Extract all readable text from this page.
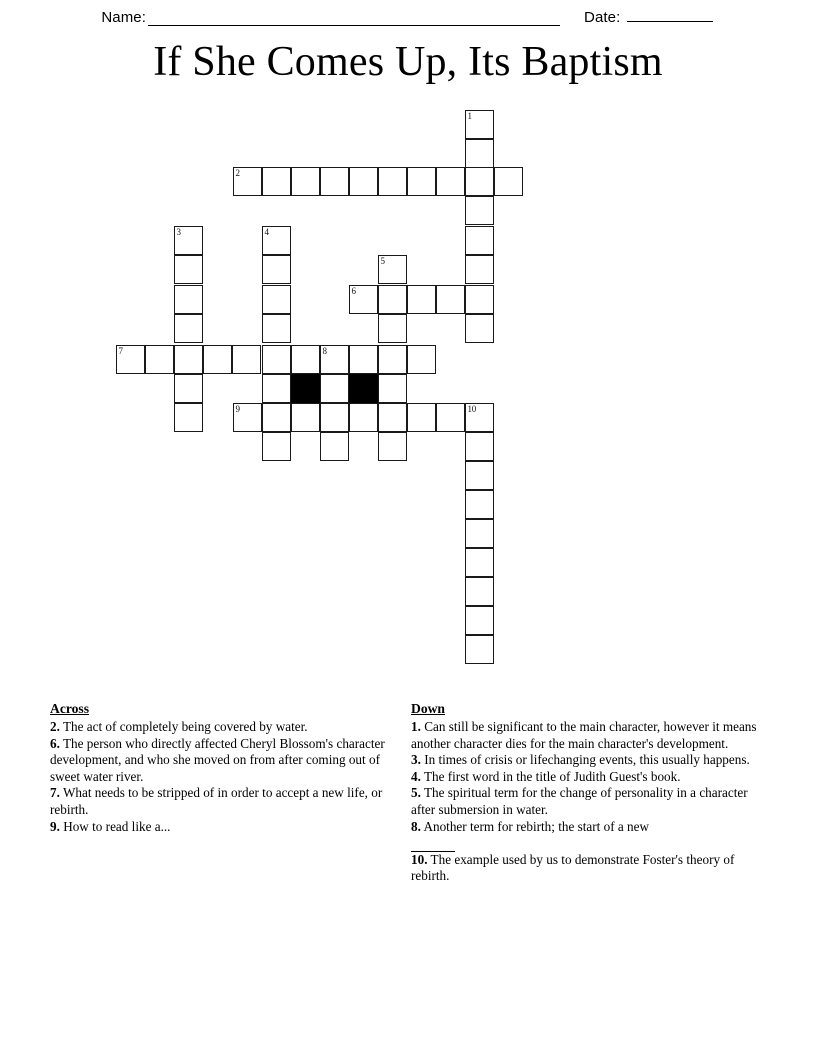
Name:	Date:
If She Comes Up, Its Baptism
1
2
3	4
5
6
7	8
9	10
Across

2. The act of completely being covered by water.

6. The person who directly affected Cheryl Blossom's character development, and who she moved on from after coming out of sweet water river.

7. What needs to be stripped of in order to accept a new life, or rebirth.

9. How to read like a...

Down

1. Can still be significant to the main character, however it means another character dies for the main character's development.

3. In times of crisis or lifechanging events, this usually happens.

4. The first word in the title of Judith Guest's book.

5. The spiritual term for the change of personality in a character after submersion in water.

8. Another term for rebirth; the start of a new

10. The example used by us to demonstrate Foster's theory of rebirth.
